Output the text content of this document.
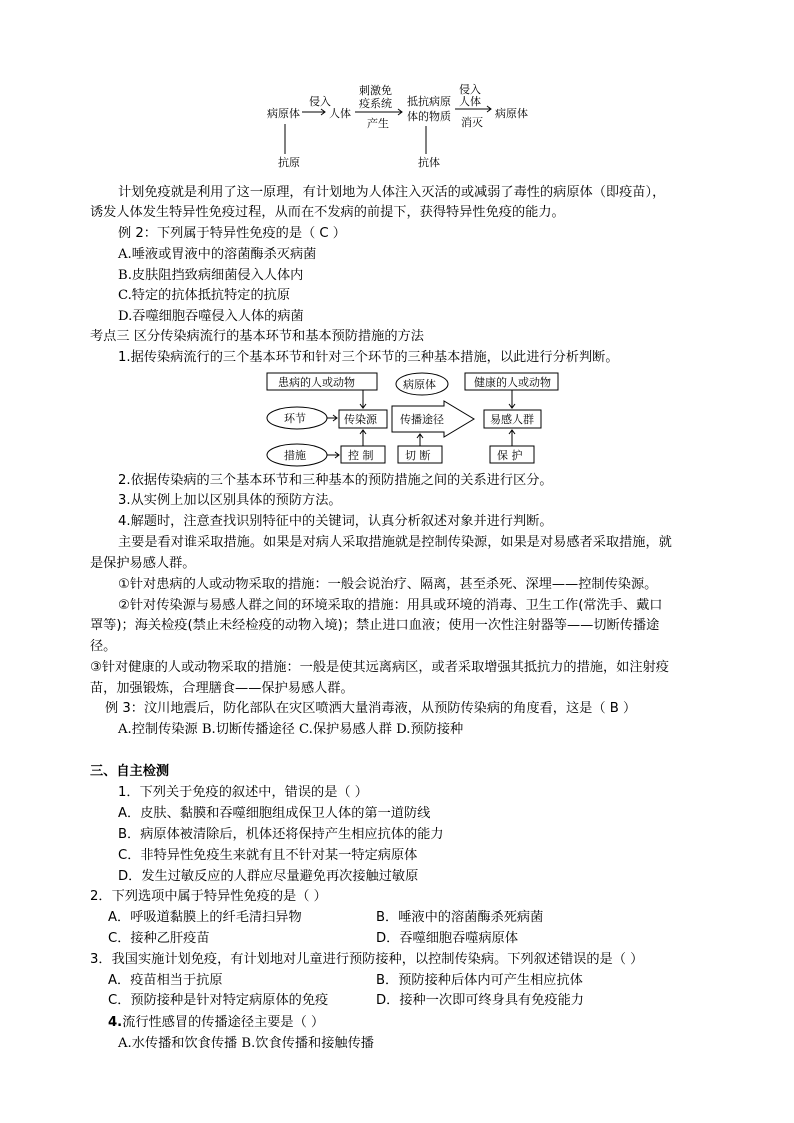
病原体
侵入
人体
刺激免
疫系统
产生
抵抗病原
体的物质
侵入
人体
消灭
病原体
抗原	抗体
计划免疫就是利用了这一原理，有计划地为人体注入灭活的或减弱了毒性的病原体（即疫苗），
诱发人体发生特异性免疫过程，从而在不发病的前提下，获得特异性免疫的能力。
例 2：下列属于特异性免疫的是（ C ）
A.唾液或胃液中的溶菌酶杀灭病菌
B.皮肤阻挡致病细菌侵入人体内
C.特定的抗体抵抗特定的抗原
D.吞噬细胞吞噬侵入人体的病菌
考点三 区分传染病流行的基本环节和基本预防措施的方法
1.据传染病流行的三个基本环节和针对三个环节的三种基本措施，以此进行分析判断。
患病的人或动物	病原体	健康的人或动物
环节	传染源 传播途径	易感人群
措施	控 制	切 断	保 护
2.依据传染病的三个基本环节和三种基本的预防措施之间的关系进行区分。
3.从实例上加以区别具体的预防方法。
4.解题时，注意查找识别特征中的关键词，认真分析叙述对象并进行判断。
主要是看对谁采取措施。如果是对病人采取措施就是控制传染源，如果是对易感者采取措施，就
是保护易感人群。
①针对患病的人或动物采取的措施：一般会说治疗、隔离，甚至杀死、深埋——控制传染源。
②针对传染源与易感人群之间的环境采取的措施：用具或环境的消毒、卫生工作(常洗手、戴口
罩等)；海关检疫(禁止未经检疫的动物入境)；禁止进口血液；使用一次性注射器等——切断传播途
径。
③针对健康的人或动物采取的措施：一般是使其远离病区，或者采取增强其抵抗力的措施，如注射疫
苗，加强锻炼，合理膳食——保护易感人群。
例 3：汶川地震后，防化部队在灾区喷洒大量消毒液，从预防传染病的角度看，这是（ B ）
A.控制传染源 B.切断传播途径 C.保护易感人群 D.预防接种
三、自主检测
1．下列关于免疫的叙述中，错误的是（ ）
A．皮肤、黏膜和吞噬细胞组成保卫人体的第一道防线
B．病原体被清除后，机体还将保持产生相应抗体的能力
C．非特异性免疫生来就有且不针对某一特定病原体
D．发生过敏反应的人群应尽量避免再次接触过敏原
2．下列选项中属于特异性免疫的是（ ）
A．呼吸道黏膜上的纤毛清扫异物	B．唾液中的溶菌酶杀死病菌
C．接种乙肝疫苗	D．吞噬细胞吞噬病原体
3．我国实施计划免疫，有计划地对儿童进行预防接种，以控制传染病。下列叙述错误的是（ ）
A．疫苗相当于抗原	B．预防接种后体内可产生相应抗体
C．预防接种是针对特定病原体的免疫	D．接种一次即可终身具有免疫能力
4.流行性感冒的传播途径主要是（ ）
A.水传播和饮食传播 B.饮食传播和接触传播
